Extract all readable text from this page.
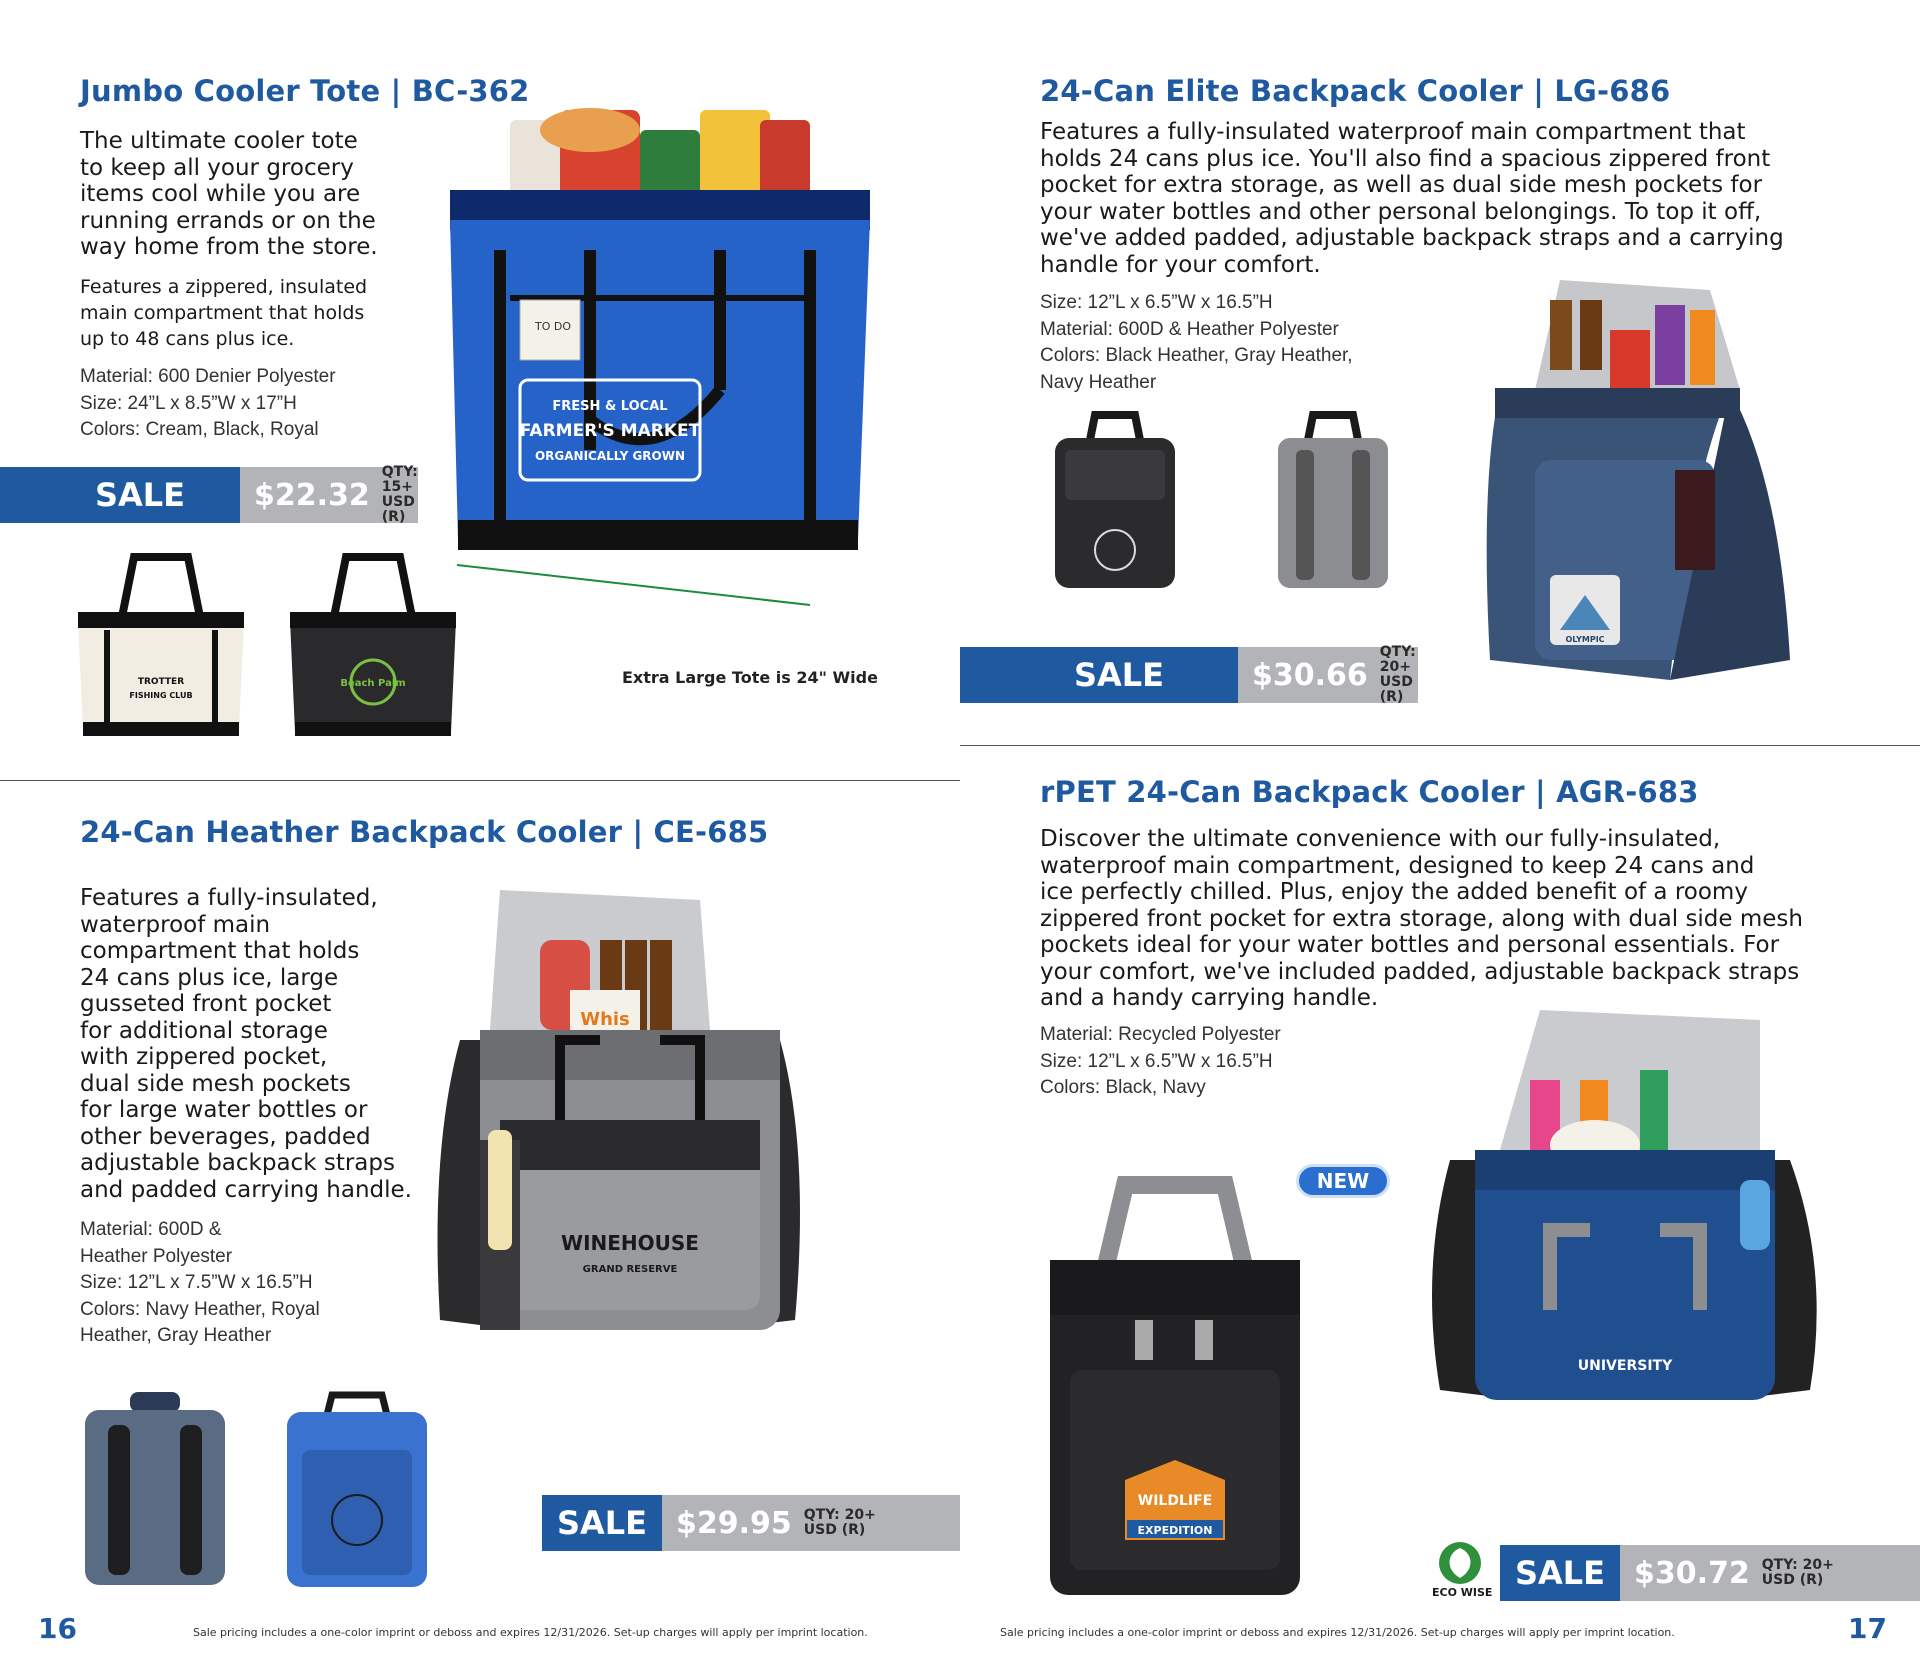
Jumbo Cooler Tote | BC-362
The ultimate cooler tote
to keep all your grocery
items cool while you are
running errands or on the
way home from the store.
Features a zippered, insulated
main compartment that holds
up to 48 cans plus ice.
Material: 600 Denier Polyester
Size: 24”L x 8.5”W x 17”H
Colors: Cream, Black, Royal
SALE	$22.32
QTY: 15+
USD (R)
TO DO
FRESH & LOCAL
FARMER'S MARKET
ORGANICALLY GROWN
Extra Large Tote is 24" Wide
TROTTER
FISHING CLUB
Beach Palm
24-Can Elite Backpack Cooler | LG-686
Features a fully-insulated waterproof main compartment that
holds 24 cans plus ice. You'll also find a spacious zippered front
pocket for extra storage, as well as dual side mesh pockets for
your water bottles and other personal belongings. To top it off,
we've added padded, adjustable backpack straps and a carrying
handle for your comfort.
Size: 12”L x 6.5”W x 16.5”H
Material: 600D & Heather Polyester
Colors: Black Heather, Gray Heather,
Navy Heather
OLYMPIC
SALE	$30.66
QTY: 20+
USD (R)
24-Can Heather Backpack Cooler | CE-685
Features a fully-insulated,
waterproof main
compartment that holds
24 cans plus ice, large
gusseted front pocket
for additional storage
with zippered pocket,
dual side mesh pockets
for large water bottles or
other beverages, padded
adjustable backpack straps
and padded carrying handle.
Material: 600D &
Heather Polyester
Size: 12”L x 7.5”W x 16.5”H
Colors: Navy Heather, Royal
Heather, Gray Heather
Whis
WINEHOUSE
GRAND RESERVE
SALE $29.95 QTY: 20+
USD (R)
rPET 24-Can Backpack Cooler | AGR-683
Discover the ultimate convenience with our fully-insulated,
waterproof main compartment, designed to keep 24 cans and
ice perfectly chilled. Plus, enjoy the added benefit of a roomy
zippered front pocket for extra storage, along with dual side mesh
pockets ideal for your water bottles and personal essentials. For
your comfort, we've included padded, adjustable backpack straps
and a handy carrying handle.
Material: Recycled Polyester
Size: 12”L x 6.5”W x 16.5”H
Colors: Black, Navy
NEW
WILDLIFE
EXPEDITION
UNIVERSITY
ECO WISE
SALE $30.72 QTY: 20+
USD (R)
16	Sale pricing includes a one-color imprint or deboss and expires 12/31/2026. Set-up charges will apply per imprint location.	Sale pricing includes a one-color imprint or deboss and expires 12/31/2026. Set-up charges will apply per imprint location.	17
